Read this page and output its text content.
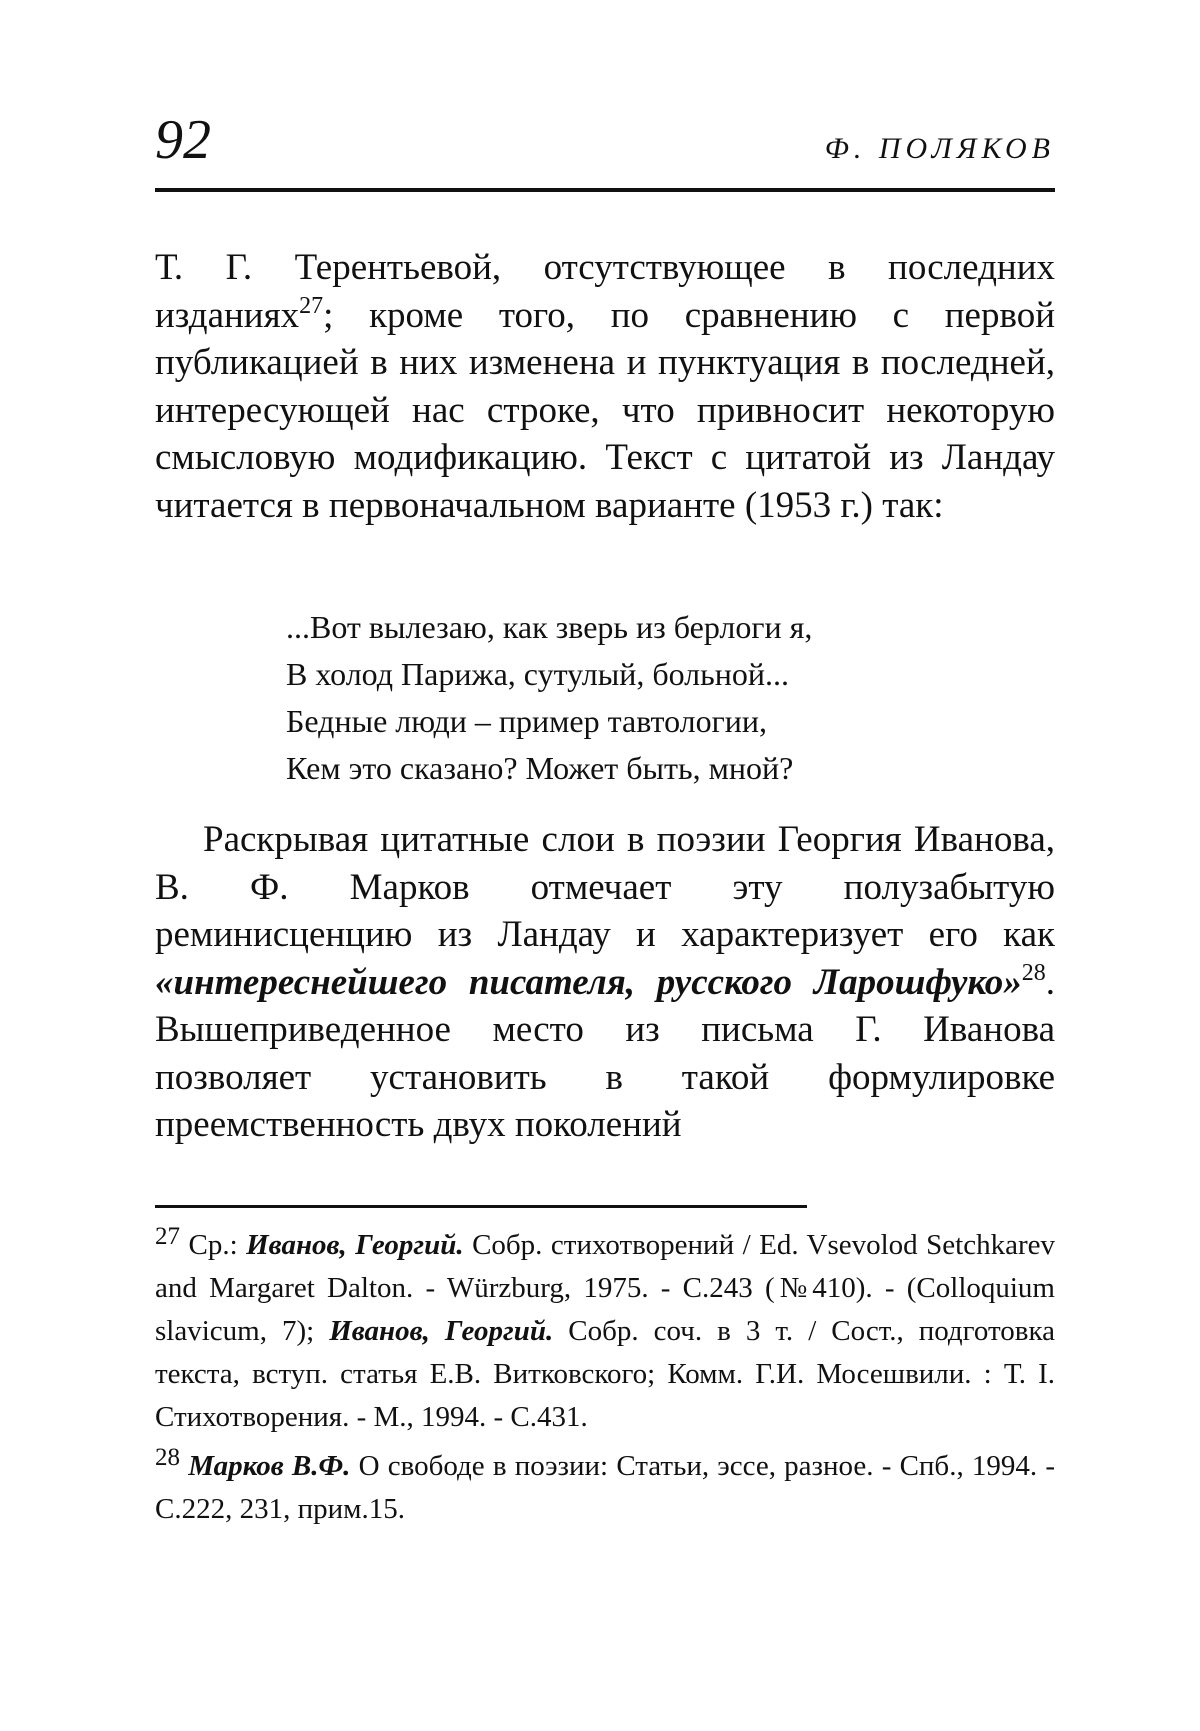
92	Ф. ПОЛЯКОВ

Т. Г. Терентьевой, отсутствующее в последних изданиях$^{27}$; кроме того, по сравнению с первой публикацией в них изменена и пунктуация в последней, интересующей нас строке, что привносит некоторую смысловую модификацию. Текст с цитатой из Ландау читается в первоначальном варианте (1953 г.) так:

...Вот вылезаю, как зверь из берлоги я,
В холод Парижа, сутулый, больной...
Бедные люди – пример тавтологии,
Кем это сказано? Может быть, мной?

Раскрывая цитатные слои в поэзии Георгия Иванова, В. Ф. Марков отмечает эту полузабытую реминисценцию из Ландау и характеризует его как «интереснейшего писателя, русского Ларошфуко»$^{28}$. Вышеприведенное место из письма Г. Иванова позволяет установить в такой формулировке преемственность двух поколений

27 Ср.: Иванов, Георгий. Собр. стихотворений / Ed. Vsevolod Setchkarev and Margaret Dalton. - Würzburg, 1975. - С.243 (№410). - (Colloquium slavicum, 7); Иванов, Георгий. Собр. соч. в 3 т. / Сост., подготовка текста, вступ. статья Е.В. Витковского; Комм. Г.И. Мосешвили. : Т. I. Стихотворения. - М., 1994. - С.431.

28 Марков В.Ф. О свободе в поэзии: Статьи, эссе, разное. - Спб., 1994. - С.222, 231, прим.15.
